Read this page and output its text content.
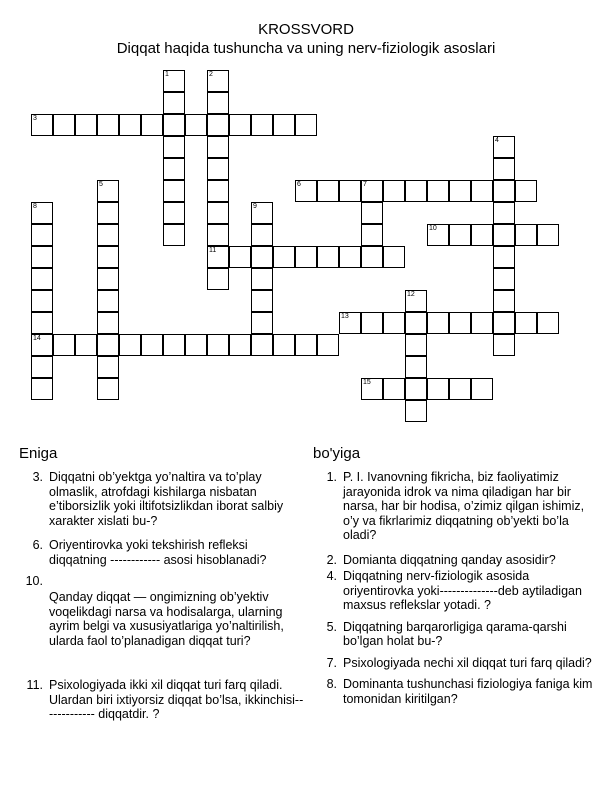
KROSSVORD
Diqqat haqida tushuncha va uning nerv-fiziologik asoslari
1	2
11
3
4
5	6	7
8
14
9
10
12
13
15
Eniga
3. Diqqatni ob’yektga yo’naltira va to’play olmaslik, atrofdagi kishilarga nisbatan e’tiborsizlik yoki iltifotsizlikdan iborat salbiy xarakter xislati bu-?
6. Oriyentirovka yoki tekshirish refleksi diqqatning ------------ asosi hisoblanadi?
10.
Qanday diqqat — ongimizning ob’yektiv voqelikdagi narsa va hodisalarga, ularning ayrim belgi va xususiyatlariga yo’naltirilish, ularda faol to’planadigan diqqat turi?
11. Psixologiyada ikki xil diqqat turi farq qiladi. Ulardan biri ixtiyorsiz diqqat bo’lsa, ikkinchisi------------- diqqatdir. ?
bo'yiga
1. P. I. Ivanovning fikricha, biz faoliyatimiz jarayonida idrok va nima qiladigan har bir narsa, har bir hodisa, o’zimiz qilgan ishimiz, o’y va fikrlarimiz diqqatning ob’yekti bo’la oladi?
2. Domianta diqqatning qanday asosidir?
4. Diqqatning nerv-fiziologik asosida oriyentirovka yoki--------------deb aytiladigan maxsus reflekslar yotadi. ?
5. Diqqatning barqarorligiga qarama-qarshi bo’lgan holat bu-?
7. Psixologiyada nechi xil diqqat turi farq qiladi?
8. Dominanta tushunchasi fiziologiya faniga kim tomonidan kiritilgan?
